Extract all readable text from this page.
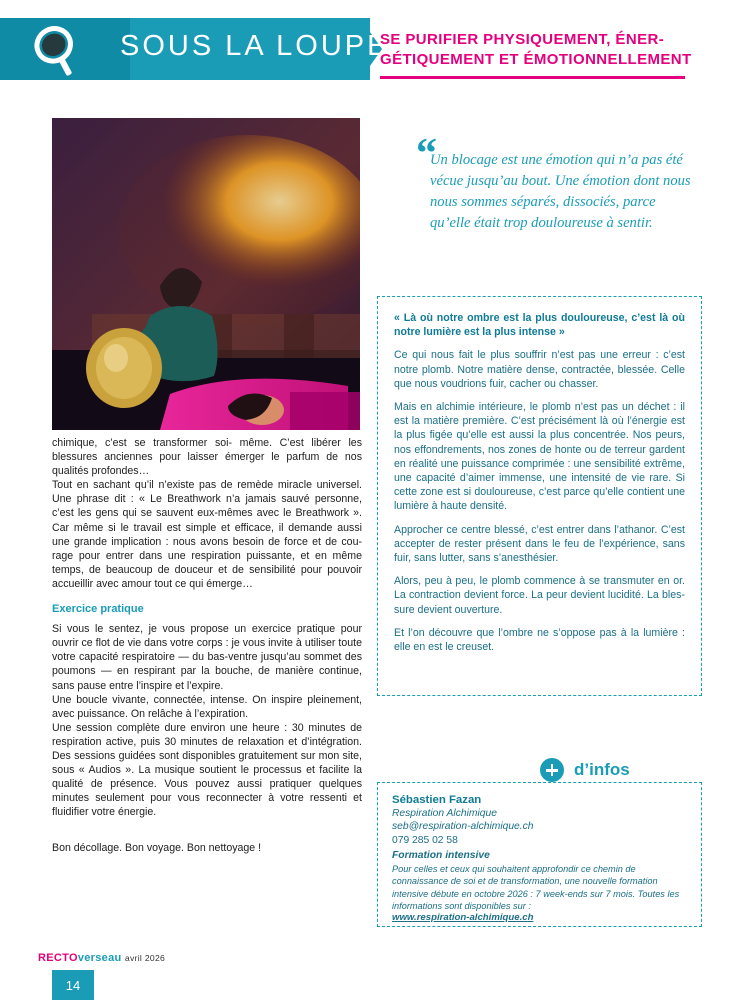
SOUS LA LOUPE
SE PURIFIER PHYSIQUEMENT, ÉNER-
GÉTIQUEMENT ET ÉMOTIONNELLEMENT
“
Un blocage est une émotion qui n’a pas été vécue jusqu’au bout. Une émotion dont nous nous sommes séparés, dissociés, parce qu’elle était trop douloureuse à sentir.

chimique, c’est se transformer soi- même. C’est libérer les blessures anciennes pour laisser émerger le parfum de nos qualités profondes…

Tout en sachant qu’il n’existe pas de remède miracle universel. Une phrase dit : « Le Breathwork n’a jamais sauvé personne, c’est les gens qui se sauvent eux-mêmes avec le Breathwork ». Car même si le travail est simple et efficace, il demande aussi une grande implication : nous avons besoin de force et de courage pour entrer dans une respiration puissante, et en même temps, de beaucoup de douceur et de sensibilité pour pouvoir accueillir avec amour tout ce qui émerge…

Exercice pratique

Si vous le sentez, je vous propose un exercice pratique pour ouvrir ce flot de vie dans votre corps : je vous invite à utiliser toute votre capacité respiratoire — du bas-ventre jusqu’au sommet des poumons — en respirant par la bouche, de manière continue, sans pause entre l’inspire et l’expire.

Une boucle vivante, connectée, intense. On inspire pleinement, avec puissance. On relâche à l’expiration.

Une session complète dure environ une heure : 30 minutes de respiration active, puis 30 minutes de relaxation et d’intégration. Des sessions guidées sont disponibles gratuitement sur mon site, sous « Audios ». La musique soutient le processus et facilite la qualité de présence. Vous pouvez aussi pratiquer quelques minutes seulement pour vous reconnecter à votre ressenti et fluidifier votre énergie.

Bon décollage. Bon voyage. Bon nettoyage !

« Là où notre ombre est la plus douloureuse, c’est là où notre lumière est la plus intense »

Ce qui nous fait le plus souffrir n’est pas une erreur : c’est notre plomb. Notre matière dense, contractée, blessée. Celle que nous voudrions fuir, cacher ou chasser.

Mais en alchimie intérieure, le plomb n’est pas un déchet : il est la matière première. C’est précisément là où l’énergie est la plus figée qu’elle est aussi la plus concentrée. Nos peurs, nos effondrements, nos zones de honte ou de terreur gardent en réalité une puissance comprimée : une sensibilité extrême, une capacité d’aimer immense, une intensité de vie rare. Si cette zone est si douloureuse, c’est parce qu’elle contient une lumière à haute densité.

Approcher ce centre blessé, c’est entrer dans l’athanor. C’est accepter de rester présent dans le feu de l’expérience, sans fuir, sans lutter, sans s’anesthésier.

Alors, peu à peu, le plomb commence à se transmuter en or. La contraction devient force. La peur devient lucidité. La blessure devient ouverture.

Et l’on découvre que l’ombre ne s’oppose pas à la lumière : elle en est le creuset.

d’infos
Sébastien Fazan
Respiration Alchimique
seb@respiration-alchimique.ch
079 285 02 58
Formation intensive
Pour celles et ceux qui souhaitent approfondir ce chemin de connaissance de soi et de transformation, une nouvelle formation intensive débute en octobre 2026 : 7 week-ends sur 7 mois. Toutes les informations sont disponibles sur :
www.respiration-alchimique.ch
RECTOverseau avril 2026
14
